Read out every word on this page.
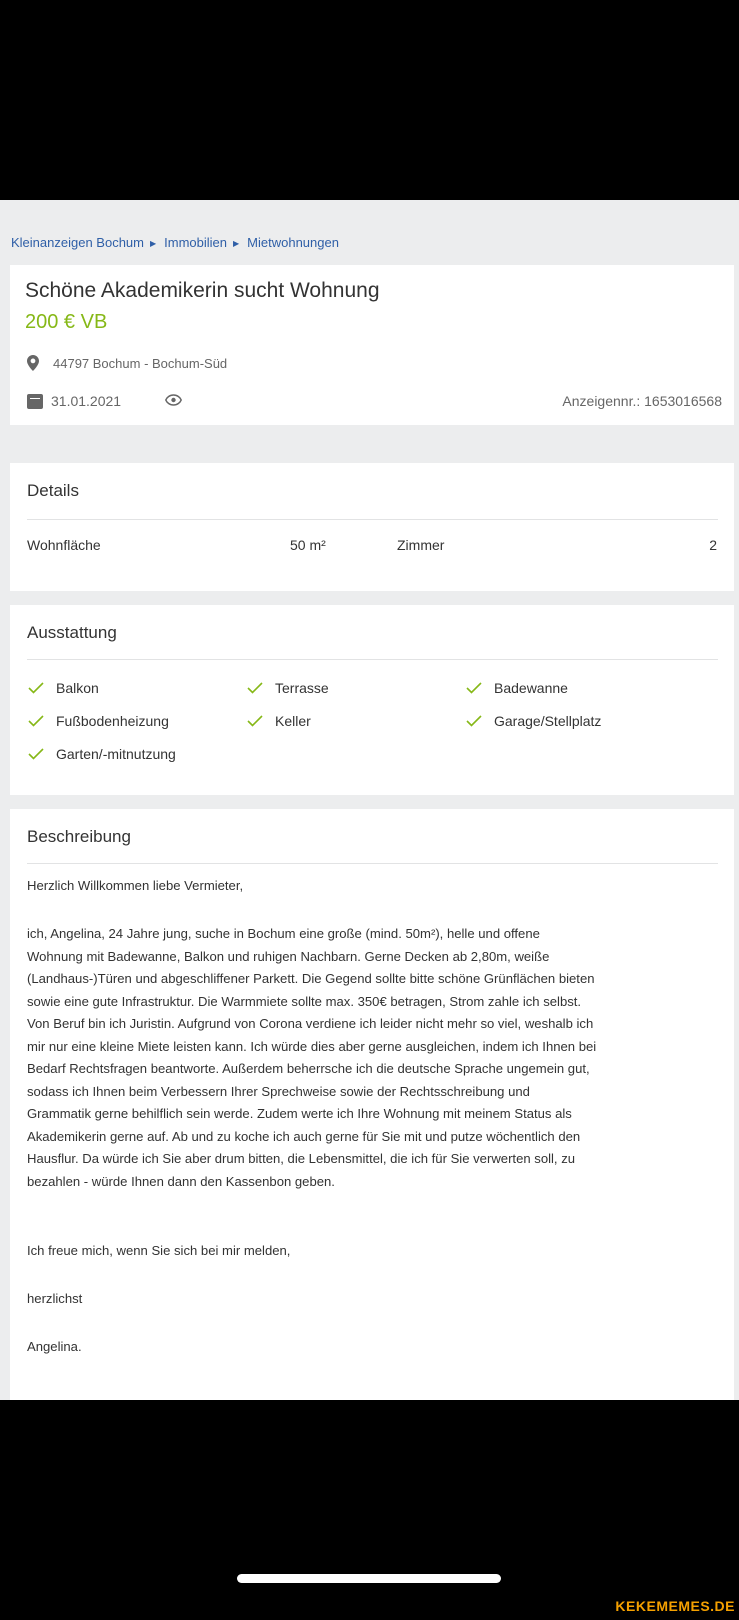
Kleinanzeigen Bochum ▶ Immobilien ▶ Mietwohnungen
Schöne Akademikerin sucht Wohnung
200 € VB
44797 Bochum - Bochum-Süd
31.01.2021	Anzeigennr.: 1653016568
Details
Wohnfläche	50 m²	Zimmer	2
Ausstattung
Balkon	Terrasse	Badewanne
Fußbodenheizung	Keller	Garage/Stellplatz
Garten/-mitnutzung
Beschreibung
Herzlich Willkommen liebe Vermieter,
ich, Angelina, 24 Jahre jung, suche in Bochum eine große (mind. 50m²), helle und offene
Wohnung mit Badewanne, Balkon und ruhigen Nachbarn. Gerne Decken ab 2,80m, weiße
(Landhaus-)Türen und abgeschliffener Parkett. Die Gegend sollte bitte schöne Grünflächen bieten
sowie eine gute Infrastruktur. Die Warmmiete sollte max. 350€ betragen, Strom zahle ich selbst.
Von Beruf bin ich Juristin. Aufgrund von Corona verdiene ich leider nicht mehr so viel, weshalb ich
mir nur eine kleine Miete leisten kann. Ich würde dies aber gerne ausgleichen, indem ich Ihnen bei
Bedarf Rechtsfragen beantworte. Außerdem beherrsche ich die deutsche Sprache ungemein gut,
sodass ich Ihnen beim Verbessern Ihrer Sprechweise sowie der Rechtsschreibung und
Grammatik gerne behilflich sein werde. Zudem werte ich Ihre Wohnung mit meinem Status als
Akademikerin gerne auf. Ab und zu koche ich auch gerne für Sie mit und putze wöchentlich den
Hausflur. Da würde ich Sie aber drum bitten, die Lebensmittel, die ich für Sie verwerten soll, zu
bezahlen - würde Ihnen dann den Kassenbon geben.
Ich freue mich, wenn Sie sich bei mir melden,
herzlichst
Angelina.
KEKEMEMES.DE
